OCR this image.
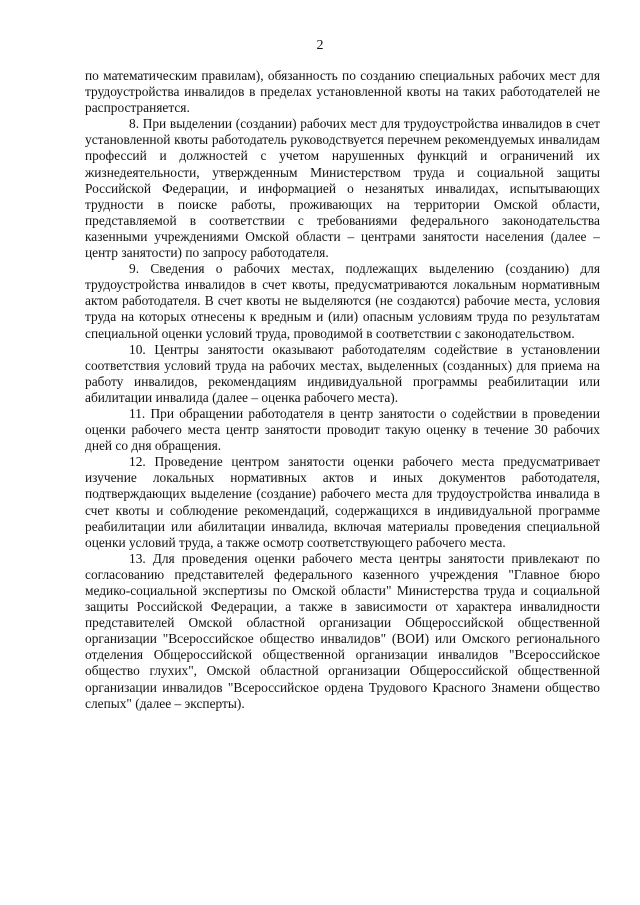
2

по математическим правилам), обязанность по созданию специальных рабочих мест для трудоустройства инвалидов в пределах установленной квоты на таких работодателей не распространяется.

8. При выделении (создании) рабочих мест для трудоустройства инвалидов в счет установленной квоты работодатель руководствуется перечнем рекомендуемых инвалидам профессий и должностей с учетом нарушенных функций и ограничений их жизнедеятельности, утвержденным Министерством труда и социальной защиты Российской Федерации, и информацией о незанятых инвалидах, испытывающих трудности в поиске работы, проживающих на территории Омской области, представляемой в соответствии с требованиями федерального законодательства казенными учреждениями Омской области – центрами занятости населения (далее – центр занятости) по запросу работодателя.

9. Сведения о рабочих местах, подлежащих выделению (созданию) для трудоустройства инвалидов в счет квоты, предусматриваются локальным нормативным актом работодателя. В счет квоты не выделяются (не создаются) рабочие места, условия труда на которых отнесены к вредным и (или) опасным условиям труда по результатам специальной оценки условий труда, проводимой в соответствии с законодательством.

10. Центры занятости оказывают работодателям содействие в установлении соответствия условий труда на рабочих местах, выделенных (созданных) для приема на работу инвалидов, рекомендациям индивидуальной программы реабилитации или абилитации инвалида (далее – оценка рабочего места).

11. При обращении работодателя в центр занятости о содействии в проведении оценки рабочего места центр занятости проводит такую оценку в течение 30 рабочих дней со дня обращения.

12. Проведение центром занятости оценки рабочего места предусматривает изучение локальных нормативных актов и иных документов работодателя, подтверждающих выделение (создание) рабочего места для трудоустройства инвалида в счет квоты и соблюдение рекомендаций, содержащихся в индивидуальной программе реабилитации или абилитации инвалида, включая материалы проведения специальной оценки условий труда, а также осмотр соответствующего рабочего места.

13. Для проведения оценки рабочего места центры занятости привлекают по согласованию представителей федерального казенного учреждения "Главное бюро медико-социальной экспертизы по Омской области" Министерства труда и социальной защиты Российской Федерации, а также в зависимости от характера инвалидности представителей Омской областной организации Общероссийской общественной организации "Всероссийское общество инвалидов" (ВОИ) или Омского регионального отделения Общероссийской общественной организации инвалидов "Всероссийское общество глухих", Омской областной организации Общероссийской общественной организации инвалидов "Всероссийское ордена Трудового Красного Знамени общество слепых" (далее – эксперты).
